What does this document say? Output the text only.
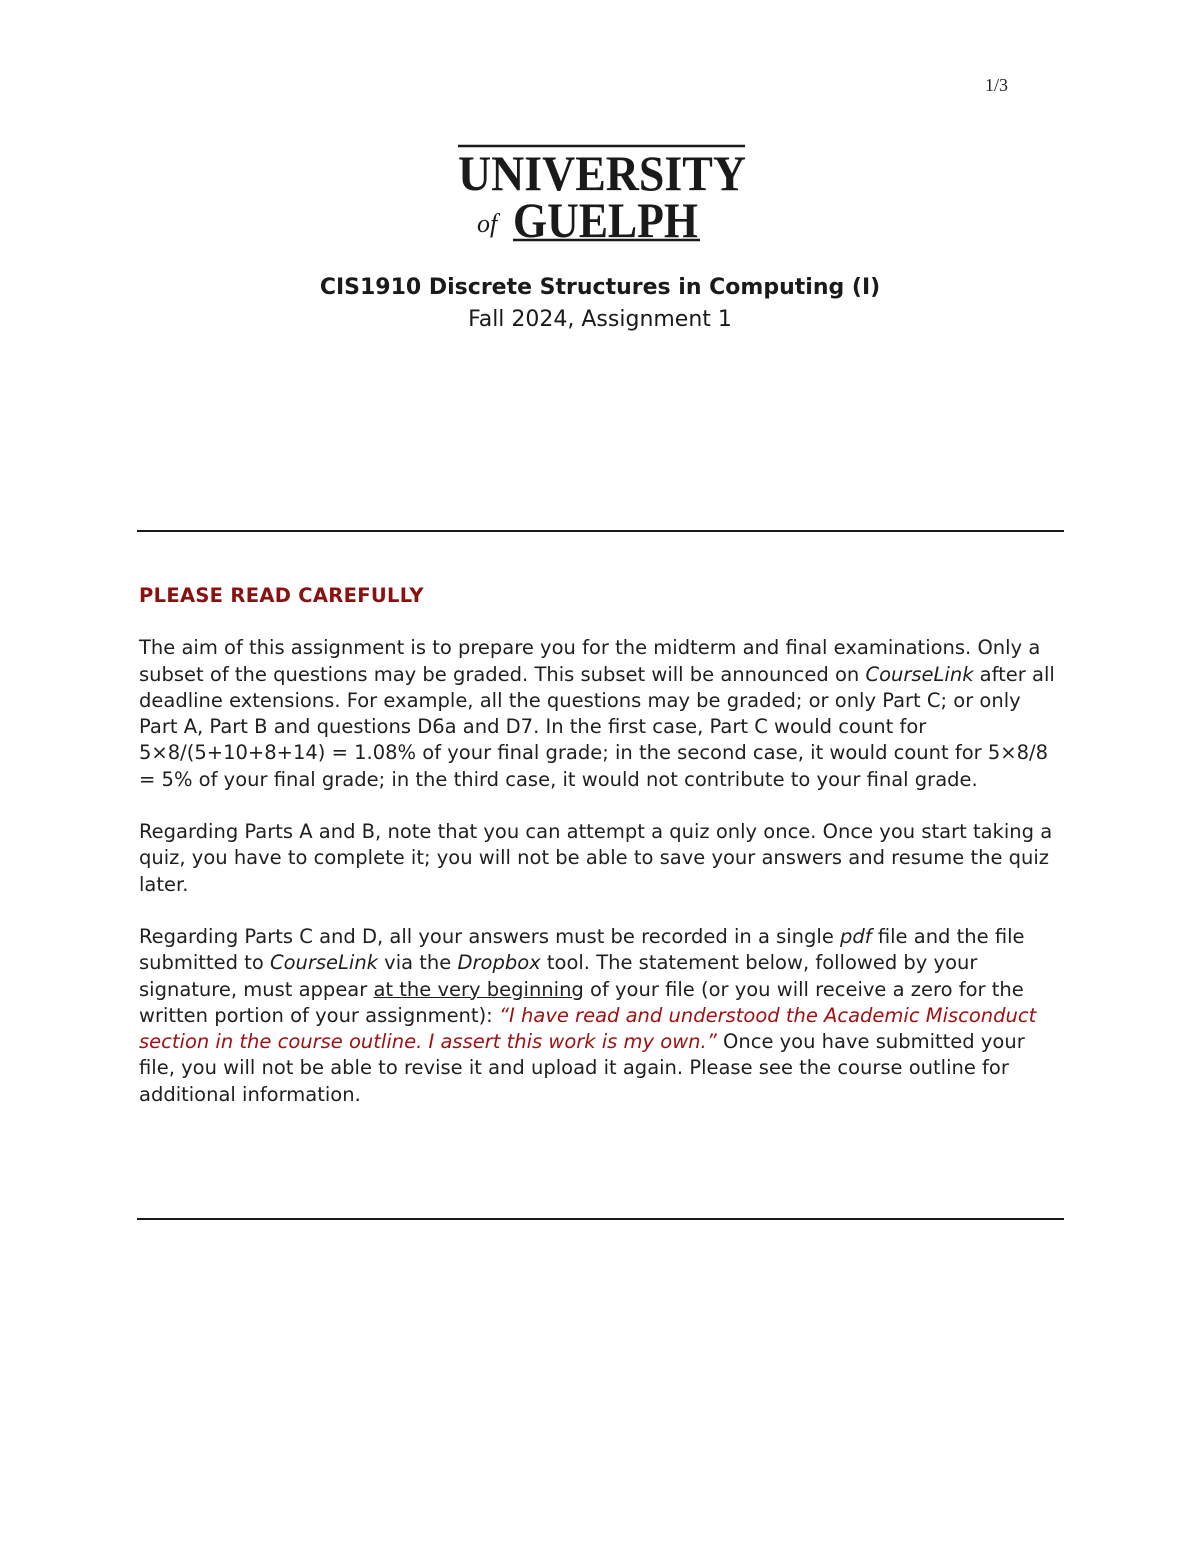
1/3
UNIVERSITY
of GUELPH

CIS1910 Discrete Structures in Computing (I)

Fall 2024, Assignment 1

PLEASE READ CAREFULLY

The aim of this assignment is to prepare you for the midterm and final examinations. Only a subset of the questions may be graded. This subset will be announced on CourseLink after all deadline extensions. For example, all the questions may be graded; or only Part C; or only Part A, Part B and questions D6a and D7. In the first case, Part C would count for 5×8/(5+10+8+14) = 1.08% of your final grade; in the second case, it would count for 5×8/8 = 5% of your final grade; in the third case, it would not contribute to your final grade.

Regarding Parts A and B, note that you can attempt a quiz only once. Once you start taking a quiz, you have to complete it; you will not be able to save your answers and resume the quiz later.

Regarding Parts C and D, all your answers must be recorded in a single pdf file and the file submitted to CourseLink via the Dropbox tool. The statement below, followed by your signature, must appear at the very beginning of your file (or you will receive a zero for the written portion of your assignment): “I have read and understood the Academic Misconduct section in the course outline. I assert this work is my own.” Once you have submitted your file, you will not be able to revise it and upload it again. Please see the course outline for additional information.
